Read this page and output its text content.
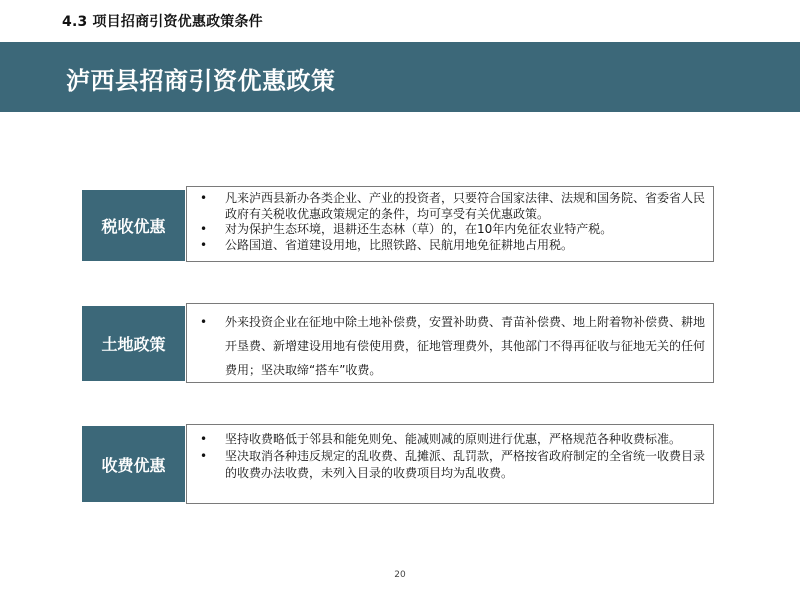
4.3 项目招商引资优惠政策条件
泸西县招商引资优惠政策
税收优惠
• 凡来泸西县新办各类企业、产业的投资者，只要符合国家法律、法规和国务院、省委省人民政府有关税收优惠政策规定的条件，均可享受有关优惠政策。
• 对为保护生态环境，退耕还生态林（草）的，在10年内免征农业特产税。
• 公路国道、省道建设用地，比照铁路、民航用地免征耕地占用税。
土地政策
• 外来投资企业在征地中除土地补偿费，安置补助费、青苗补偿费、地上附着物补偿费、耕地开垦费、新增建设用地有偿使用费，征地管理费外，其他部门不得再征收与征地无关的任何费用；坚决取缔“搭车”收费。
收费优惠
• 坚持收费略低于邻县和能免则免、能减则减的原则进行优惠，严格规范各种收费标准。
• 坚决取消各种违反规定的乱收费、乱摊派、乱罚款，严格按省政府制定的全省统一收费目录的收费办法收费，未列入目录的收费项目均为乱收费。
20
